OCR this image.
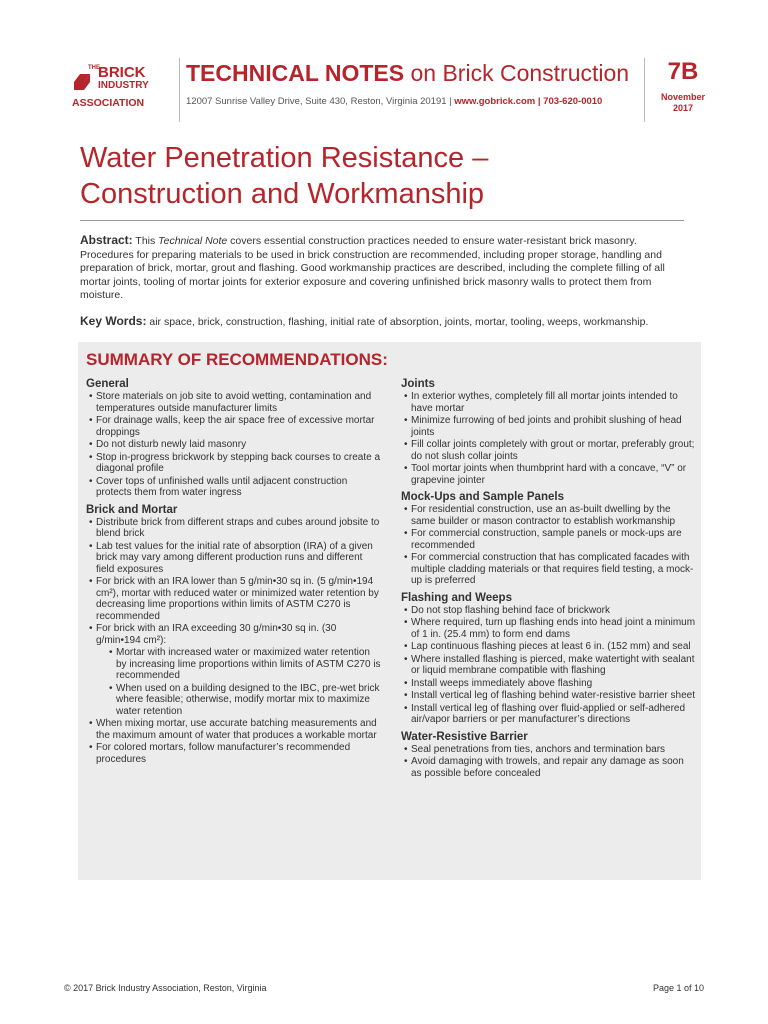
THE
BRICK
INDUSTRY
ASSOCIATION
TECHNICAL NOTES on Brick Construction
12007 Sunrise Valley Drive, Suite 430, Reston, Virginia 20191 | www.gobrick.com | 703-620-0010
7B
November
2017
Water Penetration Resistance –
Construction and Workmanship
Abstract: This Technical Note covers essential construction practices needed to ensure water-resistant brick masonry. Procedures for preparing materials to be used in brick construction are recommended, including proper storage, handling and preparation of brick, mortar, grout and flashing. Good workmanship practices are described, including the complete filling of all mortar joints, tooling of mortar joints for exterior exposure and covering unfinished brick masonry walls to protect them from moisture.
Key Words: air space, brick, construction, flashing, initial rate of absorption, joints, mortar, tooling, weeps, workmanship.
SUMMARY OF RECOMMENDATIONS:
General
• Store materials on job site to avoid wetting, contamination and temperatures outside manufacturer limits
• For drainage walls, keep the air space free of excessive mortar droppings
• Do not disturb newly laid masonry
• Stop in-progress brickwork by stepping back courses to create a diagonal profile
• Cover tops of unfinished walls until adjacent construction protects them from water ingress
Brick and Mortar
• Distribute brick from different straps and cubes around jobsite to blend brick
• Lab test values for the initial rate of absorption (IRA) of a given brick may vary among different production runs and different field exposures
• For brick with an IRA lower than 5 g/min•30 sq in. (5 g/min•194 cm²), mortar with reduced water or minimized water retention by decreasing lime proportions within limits of ASTM C270 is recommended
• For brick with an IRA exceeding 30 g/min•30 sq in. (30 g/min•194 cm²):
• Mortar with increased water or maximized water retention by increasing lime proportions within limits of ASTM C270 is recommended
• When used on a building designed to the IBC, pre-wet brick where feasible; otherwise, modify mortar mix to maximize water retention
• When mixing mortar, use accurate batching measurements and the maximum amount of water that produces a workable mortar
• For colored mortars, follow manufacturer’s recommended procedures
Joints
• In exterior wythes, completely fill all mortar joints intended to have mortar
• Minimize furrowing of bed joints and prohibit slushing of head joints
• Fill collar joints completely with grout or mortar, preferably grout; do not slush collar joints
• Tool mortar joints when thumbprint hard with a concave, “V” or grapevine jointer
Mock-Ups and Sample Panels
• For residential construction, use an as-built dwelling by the same builder or mason contractor to establish workmanship
• For commercial construction, sample panels or mock-ups are recommended
• For commercial construction that has complicated facades with multiple cladding materials or that requires field testing, a mock-up is preferred
Flashing and Weeps
• Do not stop flashing behind face of brickwork
• Where required, turn up flashing ends into head joint a minimum of 1 in. (25.4 mm) to form end dams
• Lap continuous flashing pieces at least 6 in. (152 mm) and seal
• Where installed flashing is pierced, make watertight with sealant or liquid membrane compatible with flashing
• Install weeps immediately above flashing
• Install vertical leg of flashing behind water-resistive barrier sheet
• Install vertical leg of flashing over fluid-applied or self-adhered air/vapor barriers or per manufacturer’s directions
Water-Resistive Barrier
• Seal penetrations from ties, anchors and termination bars
• Avoid damaging with trowels, and repair any damage as soon as possible before concealed
© 2017 Brick Industry Association, Reston, Virginia	Page 1 of 10
